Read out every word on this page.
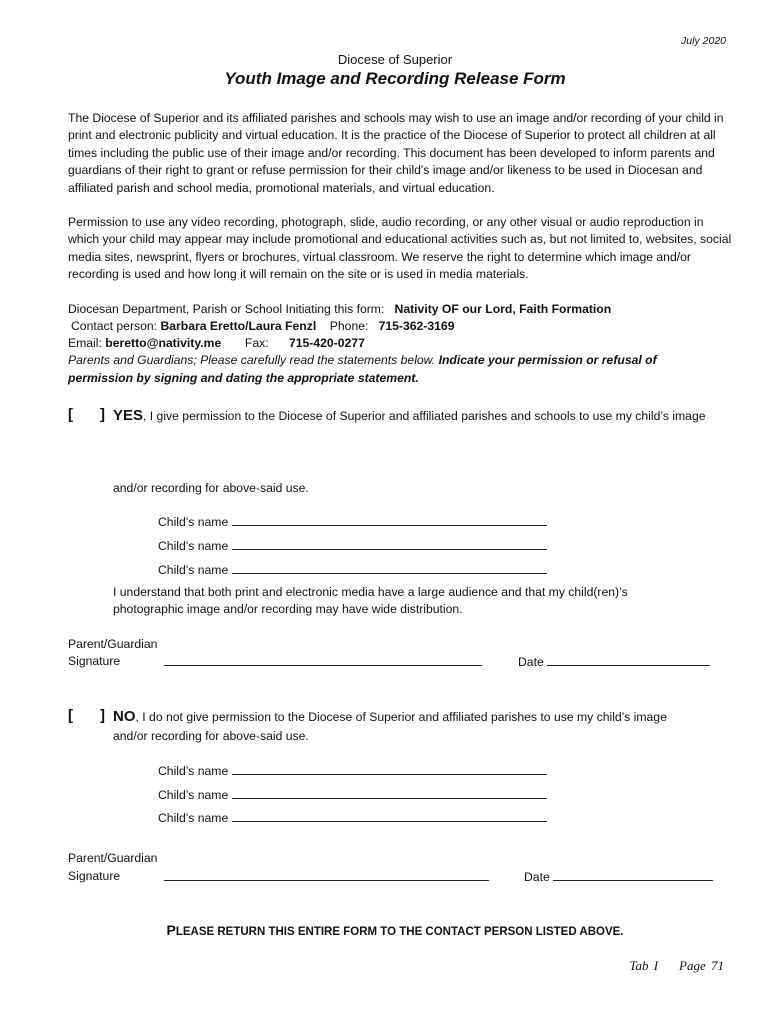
July 2020
Diocese of Superior
Youth Image and Recording Release Form
The Diocese of Superior and its affiliated parishes and schools may wish to use an image and/or recording of your child in print and electronic publicity and virtual education. It is the practice of the Diocese of Superior to protect all children at all times including the public use of their image and/or recording. This document has been developed to inform parents and guardians of their right to grant or refuse permission for their child's image and/or likeness to be used in Diocesan and affiliated parish and school media, promotional materials, and virtual education.
Permission to use any video recording, photograph, slide, audio recording, or any other visual or audio reproduction in which your child may appear may include promotional and educational activities such as, but not limited to, websites, social media sites, newsprint, flyers or brochures, virtual classroom. We reserve the right to determine which image and/or recording is used and how long it will remain on the site or is used in media materials.
Diocesan Department, Parish or School Initiating this form: Nativity OF our Lord, Faith Formation
Contact person: Barbara Eretto/Laura Fenzl Phone: 715-362-3169
Email: beretto@nativity.me Fax: 715-420-0277
Parents and Guardians; Please carefully read the statements below. Indicate your permission or refusal of
permission by signing and dating the appropriate statement.
[ ] YES, I give permission to the Diocese of Superior and affiliated parishes and schools to use my child’s image
and/or recording for above-said use.
Child’s name
Child’s name
Child’s name
I understand that both print and electronic media have a large audience and that my child(ren)’s
photographic image and/or recording may have wide distribution.
Parent/Guardian
Signature	Date
[ ] NO, I do not give permission to the Diocese of Superior and affiliated parishes to use my child’s image
and/or recording for above-said use.
Child’s name
Child’s name
Child’s name
Parent/Guardian
Signature	Date
PLEASE RETURN THIS ENTIRE FORM TO THE CONTACT PERSON LISTED ABOVE.
Tab I Page 71
